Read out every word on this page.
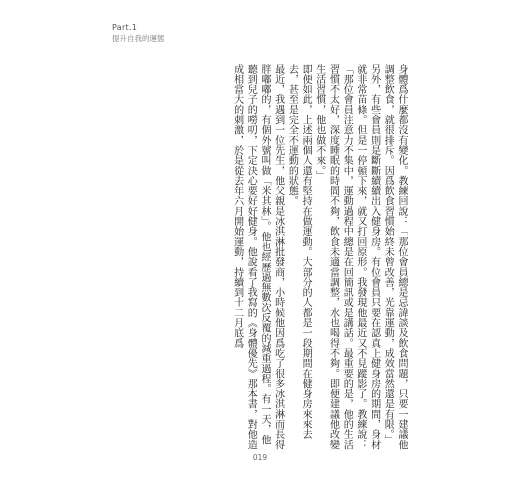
Part.1
提升自我的運態

身體爲什麼都沒有變化。教練回說：「那位會員總是忌諱談及飲食問題，只要一建議他調整飲食，就很排斥。因爲飲食習慣始終未曾改善，光靠運動，成效當然還是有限。」

另外，有些會員則是斷斷續續出入健身房。有位會員只要在認真上健身房的期間，身材就非常苗條。但是一停頓下來，就又打回原形。我發現他最近又不見蹤影了。教練說：「那位會員注意力不集中，運動過程中總是在回簡訊或是講話。最重要的是，他的生活習慣不太好，深度睡眠的時間不夠，飲食未適當調整，水也喝得不夠。即便建議他改變生活習慣，他也做不來。」

即便如此，上述兩個人還有堅持在做運動。大部分的人都是一段期間在健身房來來去去，甚至是完全不運動的狀態。

最近，我遇到一位先生，他父親是冰淇淋批發商，小時候他因爲吃了很多冰淇淋而長得胖嘟嘟的，有個外號叫做「米其林」。他也經歷過無數次反覆的減重過程。有一天，他聽到兒子的嘮叨，下定決心要好好健身。他說看了我寫的《身體優先》那本書，對他造成相當大的刺激，於是從去年六月開始運動，持續到十二月底爲

019
